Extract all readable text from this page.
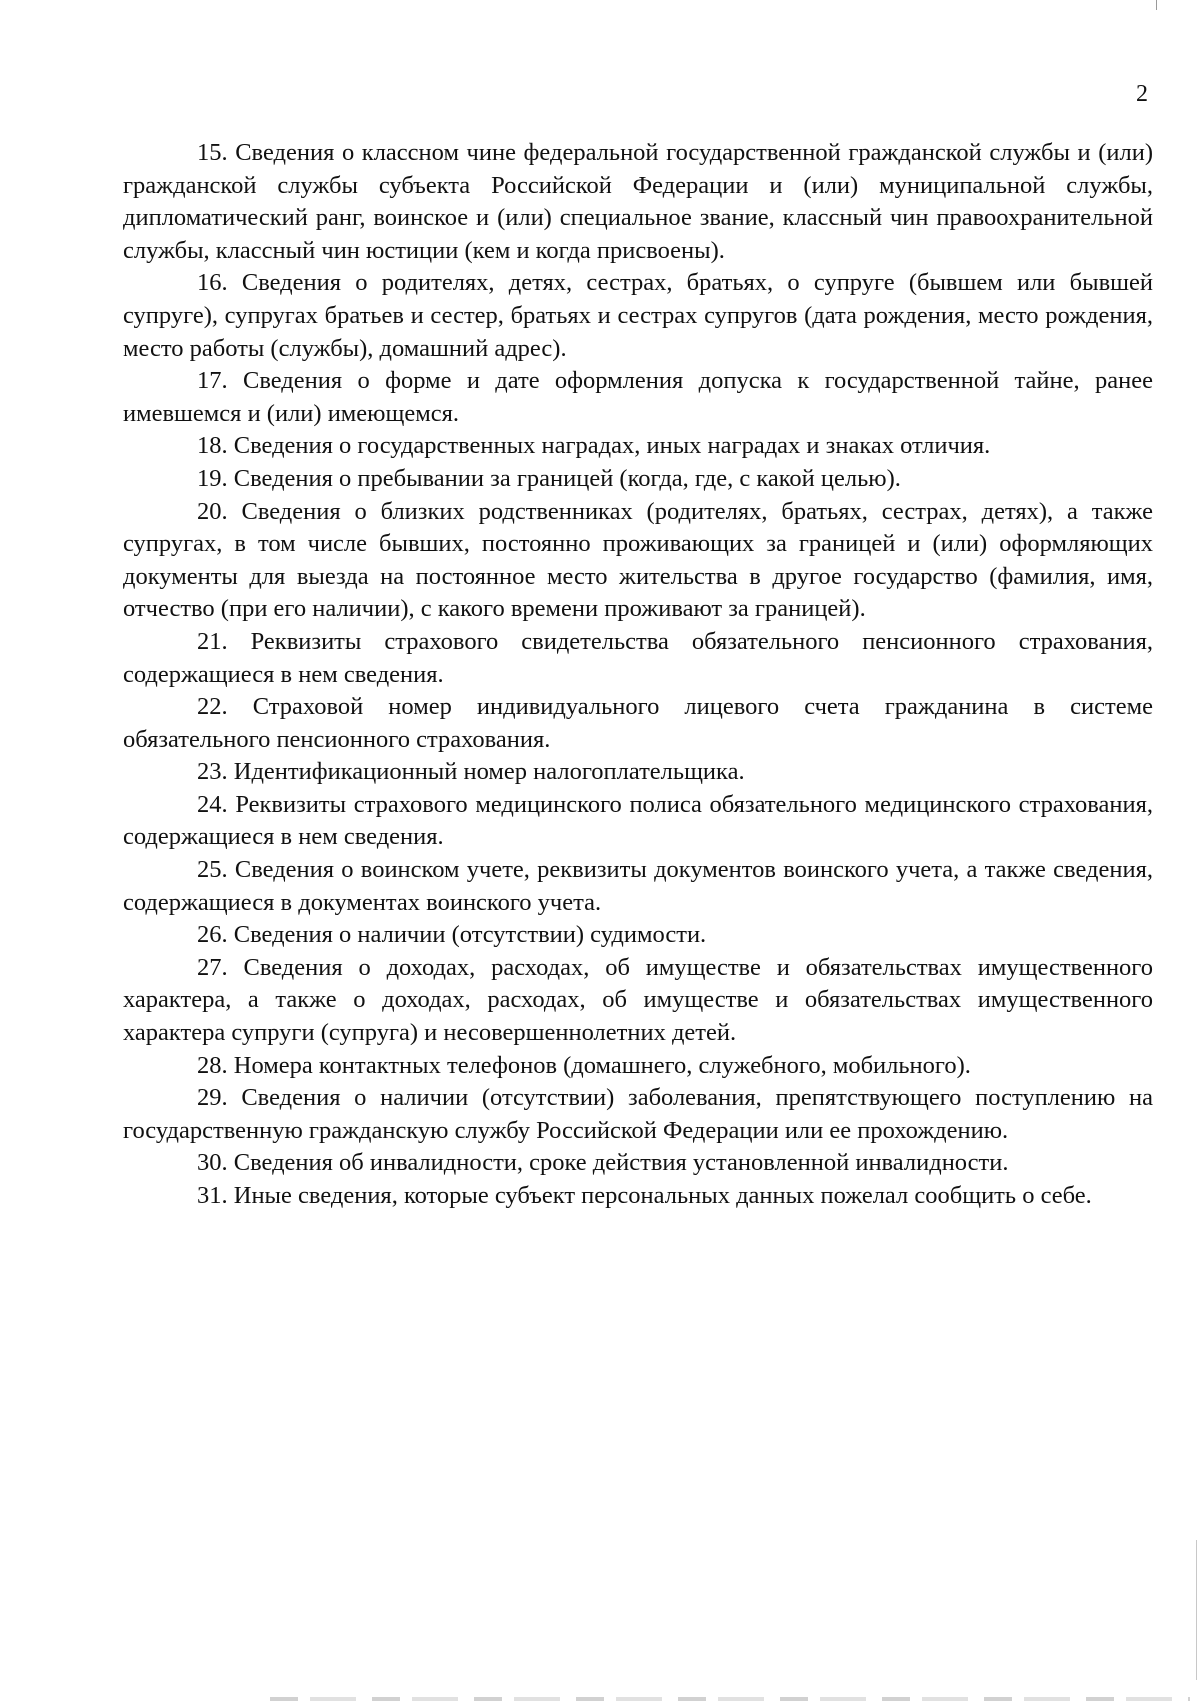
2

15. Сведения о классном чине федеральной государственной гражданской службы и (или) гражданской службы субъекта Российской Федерации и (или) муниципальной службы, дипломатический ранг, воинское и (или) специальное звание, классный чин правоохранительной службы, классный чин юстиции (кем и когда присвоены).

16. Сведения о родителях, детях, сестрах, братьях, о супруге (бывшем или бывшей супруге), супругах братьев и сестер, братьях и сестрах супругов (дата рождения, место рождения, место работы (службы), домашний адрес).

17. Сведения о форме и дате оформления допуска к государственной тайне, ранее имевшемся и (или) имеющемся.

18. Сведения о государственных наградах, иных наградах и знаках отличия.

19. Сведения о пребывании за границей (когда, где, с какой целью).

20. Сведения о близких родственниках (родителях, братьях, сестрах, детях), а также супругах, в том числе бывших, постоянно проживающих за границей и (или) оформляющих документы для выезда на постоянное место жительства в другое государство (фамилия, имя, отчество (при его наличии), с какого времени проживают за границей).

21. Реквизиты страхового свидетельства обязательного пенсионного страхования, содержащиеся в нем сведения.

22. Страховой номер индивидуального лицевого счета гражданина в системе обязательного пенсионного страхования.

23. Идентификационный номер налогоплательщика.

24. Реквизиты страхового медицинского полиса обязательного медицинского страхования, содержащиеся в нем сведения.

25. Сведения о воинском учете, реквизиты документов воинского учета, а также сведения, содержащиеся в документах воинского учета.

26. Сведения о наличии (отсутствии) судимости.

27. Сведения о доходах, расходах, об имуществе и обязательствах имущественного характера, а также о доходах, расходах, об имуществе и обязательствах имущественного характера супруги (супруга) и несовершеннолетних детей.

28. Номера контактных телефонов (домашнего, служебного, мобильного).

29. Сведения о наличии (отсутствии) заболевания, препятствующего поступлению на государственную гражданскую службу Российской Федерации или ее прохождению.

30. Сведения об инвалидности, сроке действия установленной инвалидности.

31. Иные сведения, которые субъект персональных данных пожелал сообщить о себе.
